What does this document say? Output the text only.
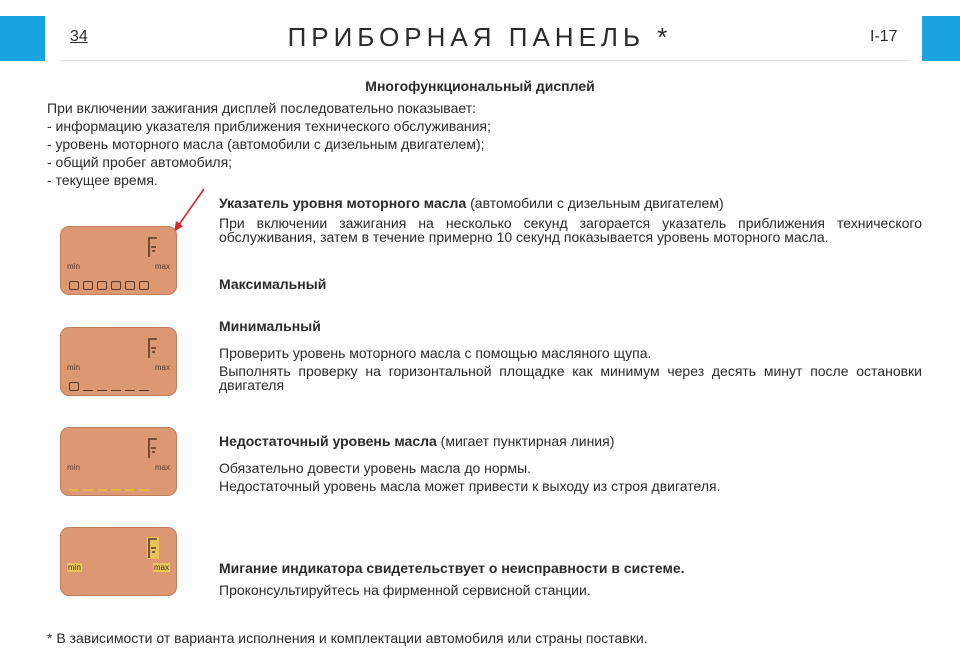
34	ПРИБОРНАЯ ПАНЕЛЬ *	I-17
Многофункциональный дисплей
При включении зажигания дисплей последовательно показывает:
- информацию указателя приближения технического обслуживания;
- уровень моторного масла (автомобили с дизельным двигателем);
- общий пробег автомобиля;
- текущее время.
min	max
min	max
min	max
min	max
Указатель уровня моторного масла (автомобили с дизельным двигателем)
При включении зажигания на несколько секунд загорается указатель приближения технического обслуживания, затем в течение примерно 10 секунд показывается уровень моторного масла.
Максимальный
Минимальный
Проверить уровень моторного масла с помощью масляного щупа.
Выполнять проверку на горизонтальной площадке как минимум через десять минут после остановки двигателя
Недостаточный уровень масла (мигает пунктирная линия)
Обязательно довести уровень масла до нормы.
Недостаточный уровень масла может привести к выходу из строя двигателя.
Мигание индикатора свидетельствует о неисправности в системе.
Проконсультируйтесь на фирменной сервисной станции.
* В зависимости от варианта исполнения и комплектации автомобиля или страны поставки.
